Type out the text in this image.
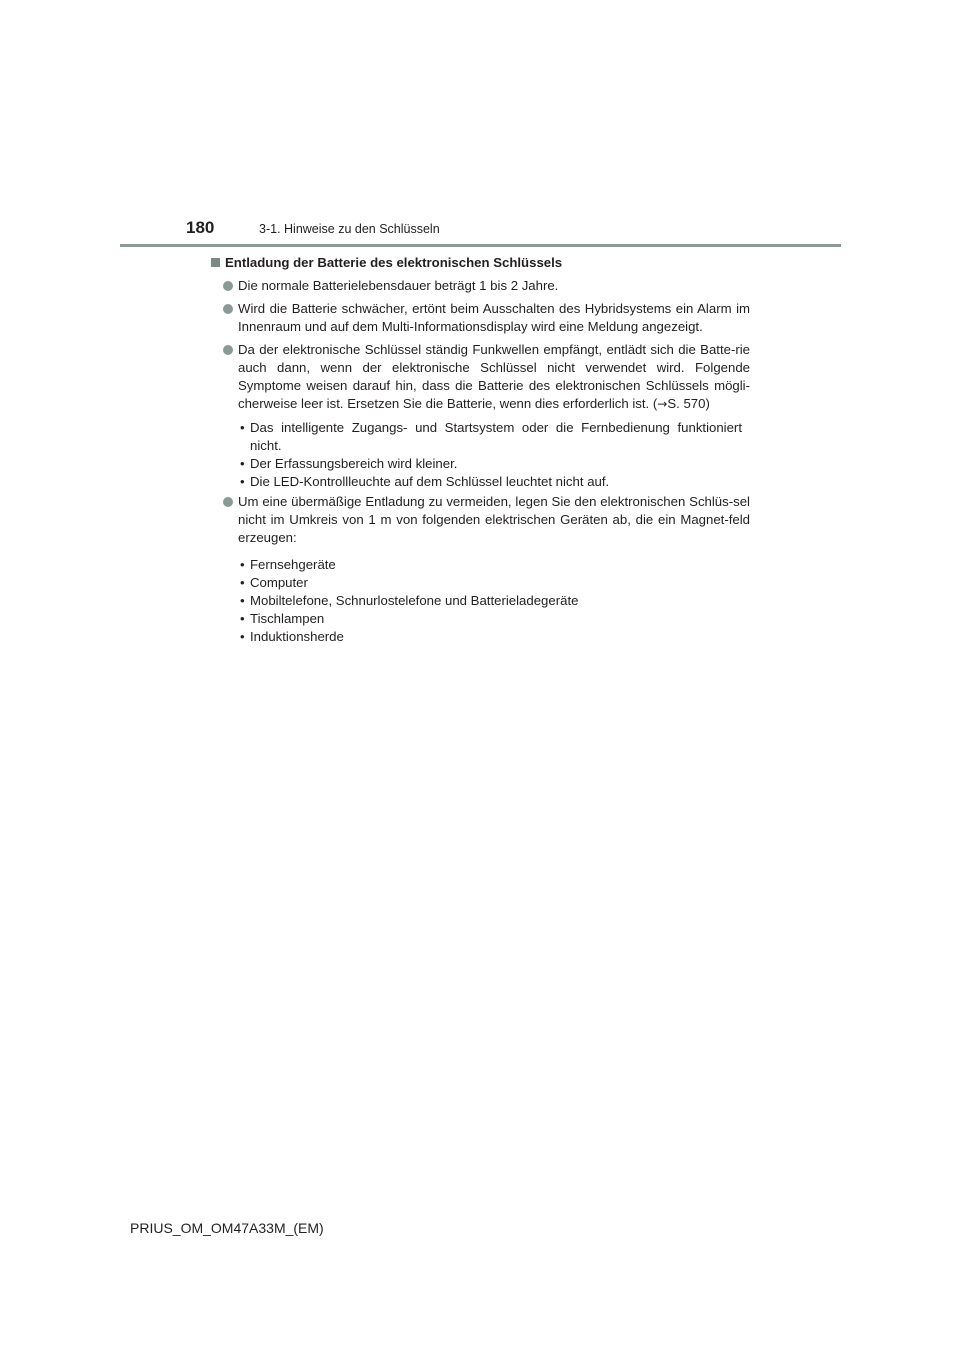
180	3-1. Hinweise zu den Schlüsseln
Entladung der Batterie des elektronischen Schlüssels
Die normale Batterielebensdauer beträgt 1 bis 2 Jahre.
Wird die Batterie schwächer, ertönt beim Ausschalten des Hybridsystems ein Alarm im Innenraum und auf dem Multi-Informationsdisplay wird eine Meldung angezeigt.
Da der elektronische Schlüssel ständig Funkwellen empfängt, entlädt sich die Batte-rie auch dann, wenn der elektronische Schlüssel nicht verwendet wird. Folgende Symptome weisen darauf hin, dass die Batterie des elektronischen Schlüssels mögli-cherweise leer ist. Ersetzen Sie die Batterie, wenn dies erforderlich ist. (→S. 570)
• Das intelligente Zugangs- und Startsystem oder die Fernbedienung funktioniert nicht.
• Der Erfassungsbereich wird kleiner.
• Die LED-Kontrollleuchte auf dem Schlüssel leuchtet nicht auf.
Um eine übermäßige Entladung zu vermeiden, legen Sie den elektronischen Schlüs-sel nicht im Umkreis von 1 m von folgenden elektrischen Geräten ab, die ein Magnet-feld erzeugen:
• Fernsehgeräte
• Computer
• Mobiltelefone, Schnurlostelefone und Batterieladegeräte
• Tischlampen
• Induktionsherde
PRIUS_OM_OM47A33M_(EM)
